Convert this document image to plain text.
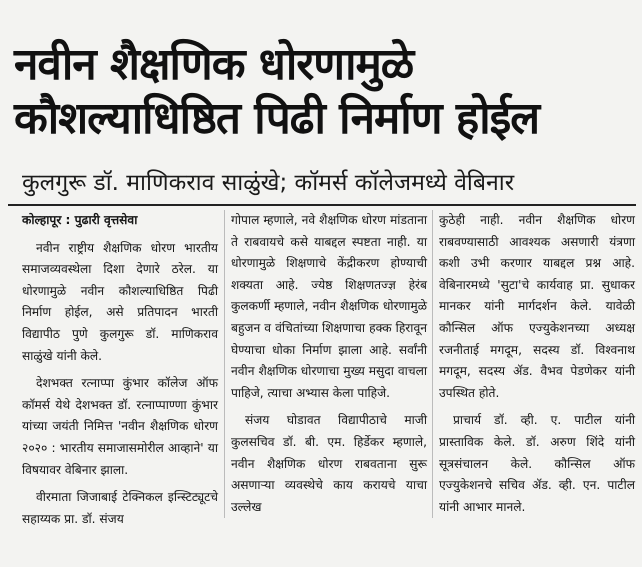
नवीन शैक्षणिक धोरणामुळे
कौशल्याधिष्ठित पिढी निर्माण होईल
कुलगुरू डॉ. माणिकराव साळुंखे; कॉमर्स कॉलेजमध्ये वेबिनार

कोल्हापूर : पुढारी वृत्तसेवा

नवीन राष्ट्रीय शैक्षणिक धोरण भारतीय समाजव्यवस्थेला दिशा देणारे ठरेल. या धोरणामुळे नवीन कौशल्याधिष्ठित पिढी निर्माण होईल, असे प्रतिपादन भारती विद्यापीठ पुणे कुलगुरू डॉ. माणिकराव साळुंखे यांनी केले.

देशभक्त रत्नाप्पा कुंभार कॉलेज ऑफ कॉमर्स येथे देशभक्त डॉ. रत्नाप्पाण्णा कुंभार यांच्या जयंती निमित्त 'नवीन शैक्षणिक धोरण २०२० : भारतीय समाजासमोरील आव्हाने' या विषयावर वेबिनार झाला.

वीरमाता जिजाबाई टेक्निकल इन्स्टिट्यूटचे सहाय्यक प्रा. डॉ. संजय

गोपाल म्हणाले, नवे शैक्षणिक धोरण मांडताना ते राबवायचे कसे याबद्दल स्पष्टता नाही. या धोरणामुळे शिक्षणाचे केंद्रीकरण होण्याची शक्यता आहे. ज्येष्ठ शिक्षणतज्ज्ञ हेरंब कुलकर्णी म्हणाले, नवीन शैक्षणिक धोरणामुळे बहुजन व वंचितांच्या शिक्षणाचा हक्क हिरावून घेण्याचा धोका निर्माण झाला आहे. सर्वांनी नवीन शैक्षणिक धोरणाचा मुख्य मसुदा वाचला पाहिजे, त्याचा अभ्यास केला पाहिजे.

संजय घोडावत विद्यापीठाचे माजी कुलसचिव डॉ. बी. एम. हिर्डेकर म्हणाले, नवीन शैक्षणिक धोरण राबवताना सुरू असणाऱ्या व्यवस्थेचे काय करायचे याचा उल्लेख

कुठेही नाही. नवीन शैक्षणिक धोरण राबवण्यासाठी आवश्यक असणारी यंत्रणा कशी उभी करणार याबद्दल प्रश्न आहे. वेबिनारमध्ये 'सुटा'चे कार्यवाह प्रा. सुधाकर मानकर यांनी मार्गदर्शन केले. यावेळी कौन्सिल ऑफ एज्युकेशनच्या अध्यक्ष रजनीताई मगदूम, सदस्य डॉ. विश्वनाथ मगदूम, सदस्य ॲड. वैभव पेडणेकर यांनी उपस्थित होते.

प्राचार्य डॉ. व्ही. ए. पाटील यांनी प्रास्ताविक केले. डॉ. अरुण शिंदे यांनी सूत्रसंचालन केले. कौन्सिल ऑफ एज्युकेशनचे सचिव ॲड. व्ही. एन. पाटील यांनी आभार मानले.
